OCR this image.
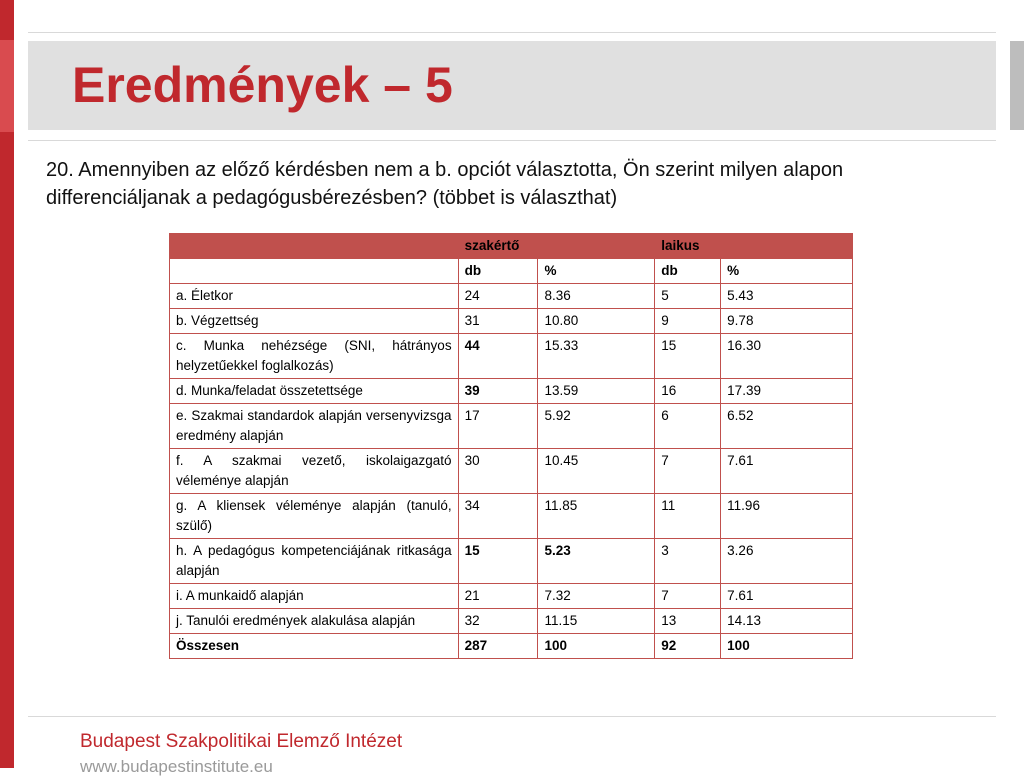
Eredmények – 5
20. Amennyiben az előző kérdésben nem a b. opciót választotta, Ön szerint milyen alapon differenciáljanak a pedagógusbérezésben? (többet is választhat)
	szakértő		laikus	
	db	%	db	%
a. Életkor	24	8.36	5	5.43
b. Végzettség	31	10.80	9	9.78
c. Munka nehézsége (SNI, hátrányos helyzetűekkel foglalkozás)	44	15.33	15	16.30
d. Munka/feladat összetettsége	39	13.59	16	17.39
e. Szakmai standardok alapján versenyvizsga eredmény alapján	17	5.92	6	6.52
f. A szakmai vezető, iskolaigazgató véleménye alapján	30	10.45	7	7.61
g. A kliensek véleménye alapján (tanuló, szülő)	34	11.85	11	11.96
h. A pedagógus kompetenciájának ritkasága alapján	15	5.23	3	3.26
i. A munkaidő alapján	21	7.32	7	7.61
j. Tanulói eredmények alakulása alapján	32	11.15	13	14.13
Összesen	287	100	92	100
Budapest Szakpolitikai Elemző Intézet
www.budapestinstitute.eu
